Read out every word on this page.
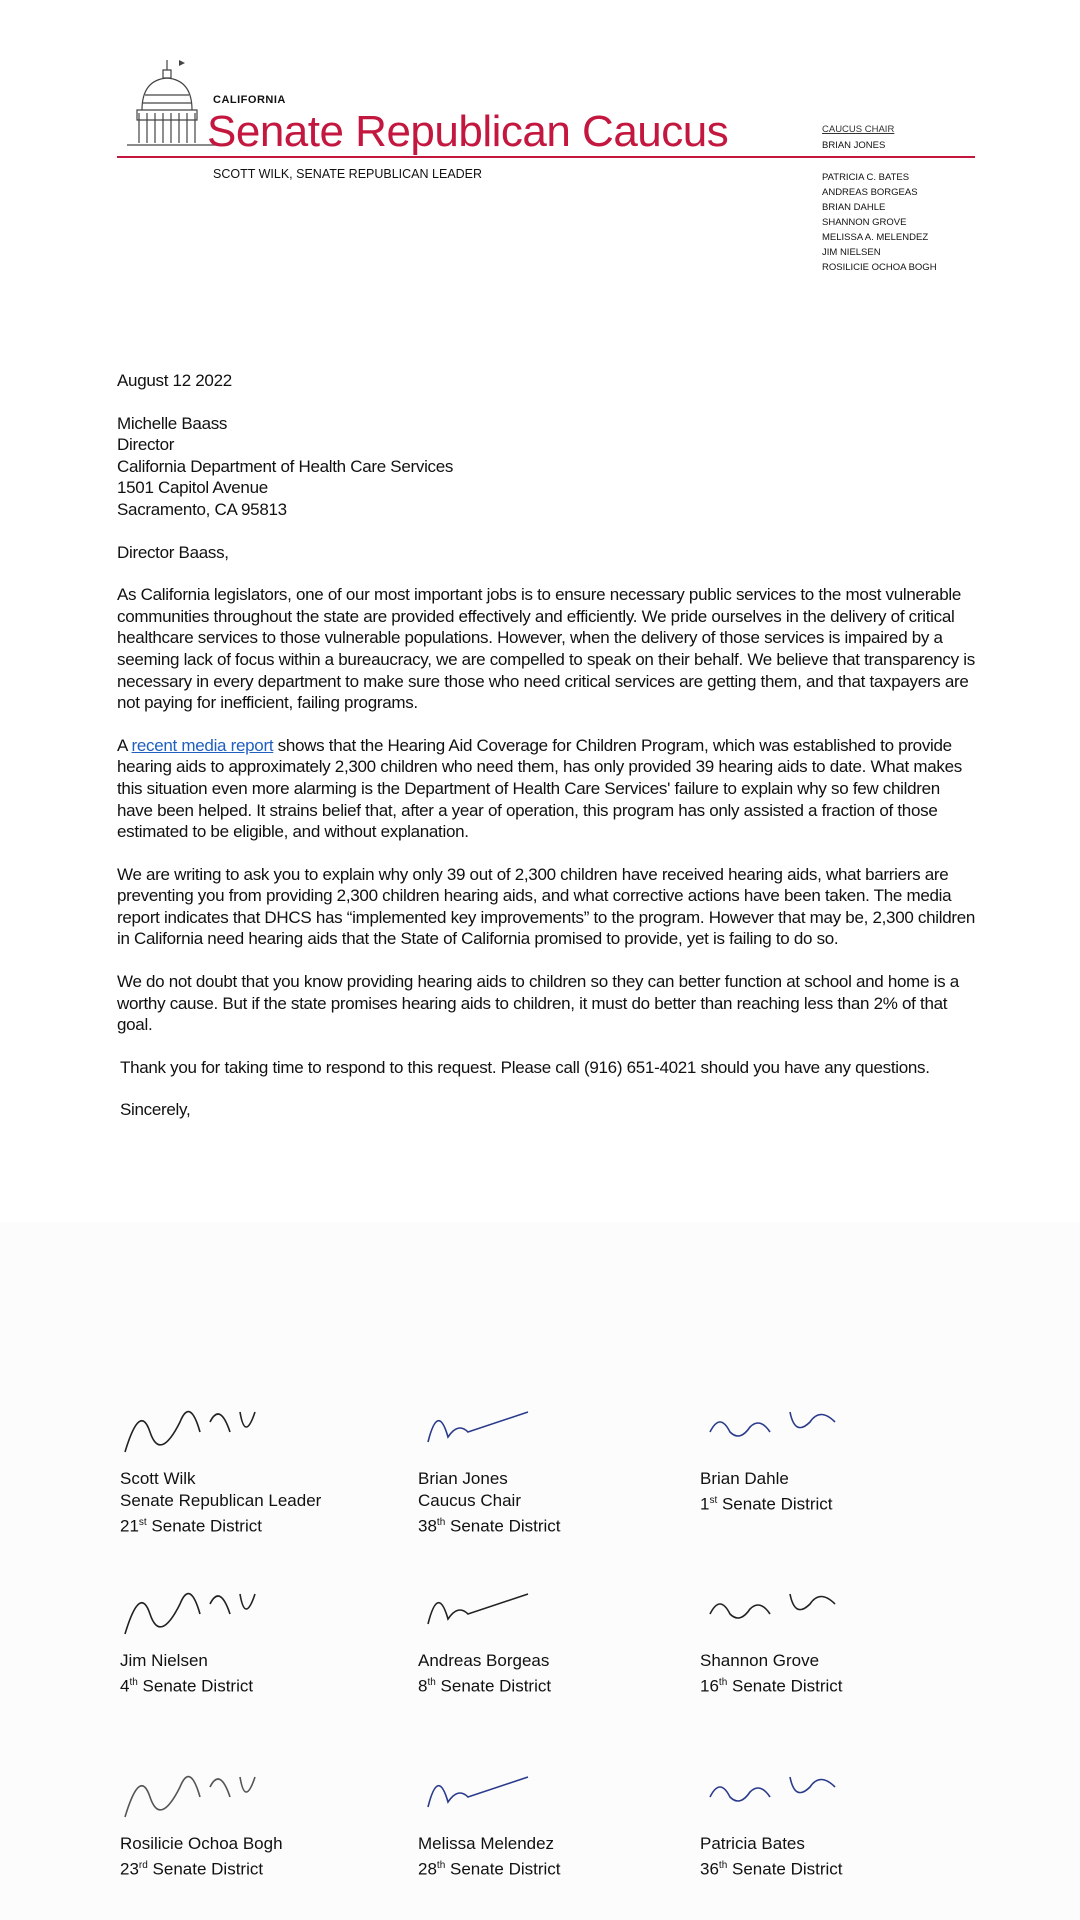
CALIFORNIA
Senate Republican Caucus
SCOTT WILK, SENATE REPUBLICAN LEADER
CAUCUS CHAIR
BRIAN JONES
PATRICIA C. BATES
ANDREAS BORGEAS
BRIAN DAHLE
SHANNON GROVE
MELISSA A. MELENDEZ
JIM NIELSEN
ROSILICIE OCHOA BOGH
August 12 2022
Michelle Baass
Director
California Department of Health Care Services
1501 Capitol Avenue
Sacramento, CA 95813
Director Baass,
As California legislators, one of our most important jobs is to ensure necessary public services to the most vulnerable communities throughout the state are provided effectively and efficiently. We pride ourselves in the delivery of critical healthcare services to those vulnerable populations. However, when the delivery of those services is impaired by a seeming lack of focus within a bureaucracy, we are compelled to speak on their behalf. We believe that transparency is necessary in every department to make sure those who need critical services are getting them, and that taxpayers are not paying for inefficient, failing programs.
A recent media report shows that the Hearing Aid Coverage for Children Program, which was established to provide hearing aids to approximately 2,300 children who need them, has only provided 39 hearing aids to date. What makes this situation even more alarming is the Department of Health Care Services' failure to explain why so few children have been helped. It strains belief that, after a year of operation, this program has only assisted a fraction of those estimated to be eligible, and without explanation.
We are writing to ask you to explain why only 39 out of 2,300 children have received hearing aids, what barriers are preventing you from providing 2,300 children hearing aids, and what corrective actions have been taken. The media report indicates that DHCS has “implemented key improvements” to the program. However that may be, 2,300 children in California need hearing aids that the State of California promised to provide, yet is failing to do so.
We do not doubt that you know providing hearing aids to children so they can better function at school and home is a worthy cause. But if the state promises hearing aids to children, it must do better than reaching less than 2% of that goal.
Thank you for taking time to respond to this request. Please call (916) 651-4021 should you have any questions.
Sincerely,
Scott Wilk
Senate Republican Leader
21st Senate District
Brian Jones
Caucus Chair
38th Senate District
Brian Dahle
1st Senate District
Jim Nielsen
4th Senate District
Andreas Borgeas
8th Senate District
Shannon Grove
16th Senate District
Rosilicie Ochoa Bogh
23rd Senate District
Melissa Melendez
28th Senate District
Patricia Bates
36th Senate District
